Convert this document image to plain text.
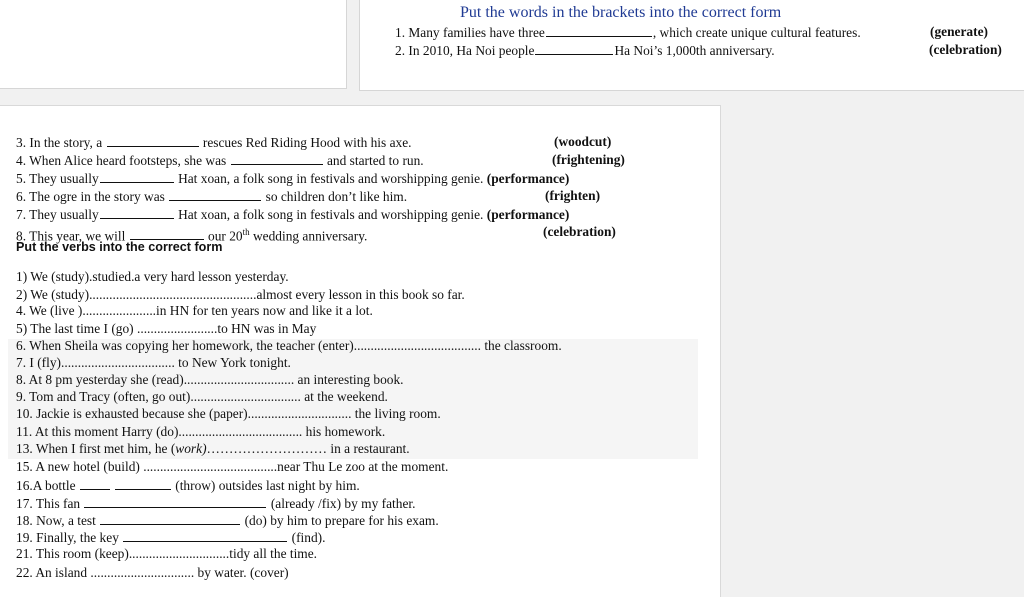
Put the words in the brackets into the correct form
1. Many families have three	, which create unique cultural features.	(generate)
2. In 2010, Ha Noi people	Ha Noi’s 1,000th anniversary.	(celebration)
3. In the story, a	rescues Red Riding Hood with his axe.	(woodcut)
4. When Alice heard footsteps, she was	and started to run.	(frightening)
5. They usually	Hat xoan, a folk song in festivals and worshipping genie. (performance)
6. The ogre in the story was	so children don’t like him.	(frighten)
7. They usually	Hat xoan, a folk song in festivals and worshipping genie. (performance)
8. This year, we will	our 20th wedding anniversary.	(celebration)
Put the verbs into the correct form
1) We (study).studied.a very hard lesson yesterday.
2) We (study)..................................................almost every lesson in this book so far.
4. We (live )......................in HN for ten years now and like it a lot.
5) The last time I (go) ........................to HN was in May
6. When Sheila was copying her homework, the teacher (enter)...................................... the classroom.
7. I (fly).................................. to New York tonight.
8. At 8 pm yesterday she (read)................................. an interesting book.
9. Tom and Tracy (often, go out)................................. at the weekend.
10. Jackie is exhausted because she (paper)............................... the living room.
11. At this moment Harry (do)..................................... his homework.
13. When I first met him, he (work)……………………… in a restaurant.
15. A new hotel (build) ........................................near Thu Le zoo at the moment.
16.A bottle	(throw) outsides last night by him.
17. This fan	(already /fix) by my father.
18. Now, a test	(do) by him to prepare for his exam.
19. Finally, the key	(find).
21. This room (keep)..............................tidy all the time.
22. An island ............................... by water. (cover)
